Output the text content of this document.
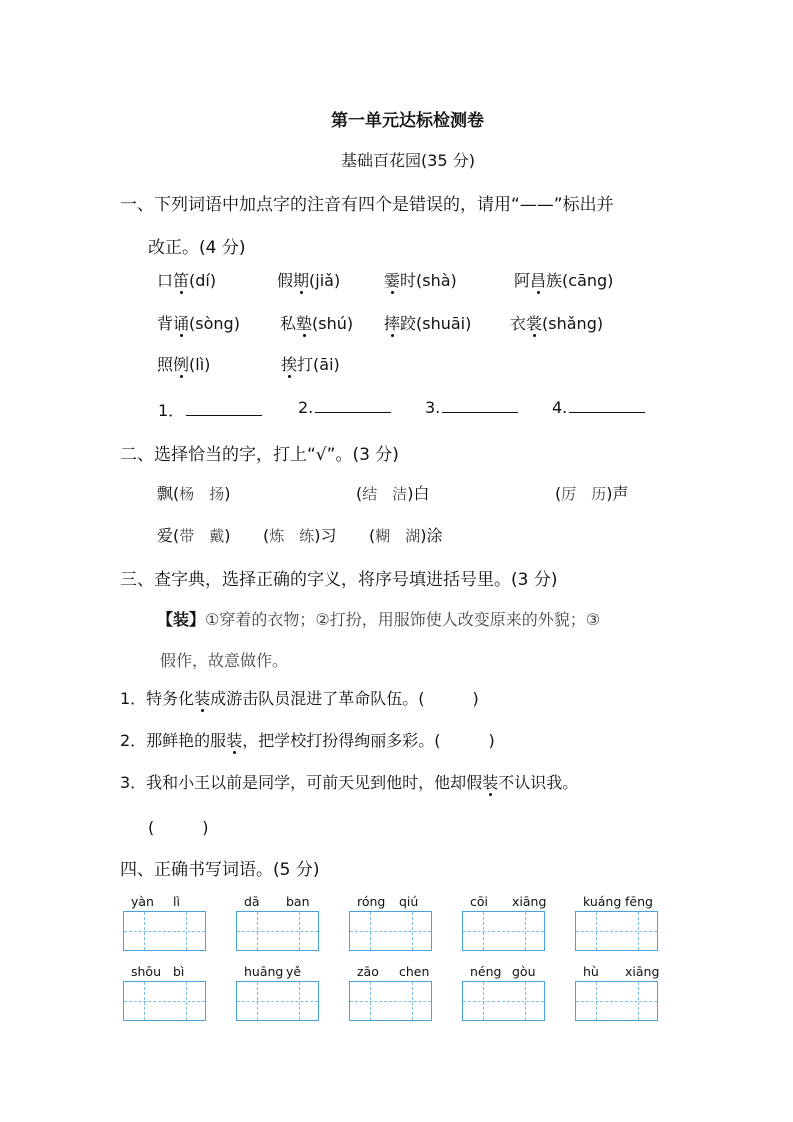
第一单元达标检测卷
基础百花园(35 分)
一、下列词语中加点字的注音有四个是错误的，请用“——”标出并
改正。(4 分)
口笛(dí)	假期(jiǎ)	霎时(shà)	阿昌族(cāng)
背诵(sòng)	私塾(shú) 摔跤(shuāi) 衣裳(shǎng)
照例(lì)	挨打(āi)
1．	2.	3.	4.
二、选择恰当的字，打上“√”。(3 分)
飘(杨　扬)	(结　洁)白	(厉　历)声
爱(带　戴) (炼　练)习 (糊　湖)涂
三、查字典，选择正确的字义，将序号填进括号里。(3 分)
【装】①穿着的衣物；②打扮，用服饰使人改变原来的外貌；③
假作，故意做作。
1．特务化装成游击队员混进了革命队伍。(　　　)
2．那鲜艳的服装，把学校打扮得绚丽多彩。(　　　)
3．我和小王以前是同学，可前天见到他时，他却假装不认识我。
(　　　)
四、正确书写词语。(5 分)
yàn lì	dā ban	róng qiú	cōi xiāng	kuáng fēng
shōu bì	huāng yě	zāo chen	néng gòu	hù xiāng
